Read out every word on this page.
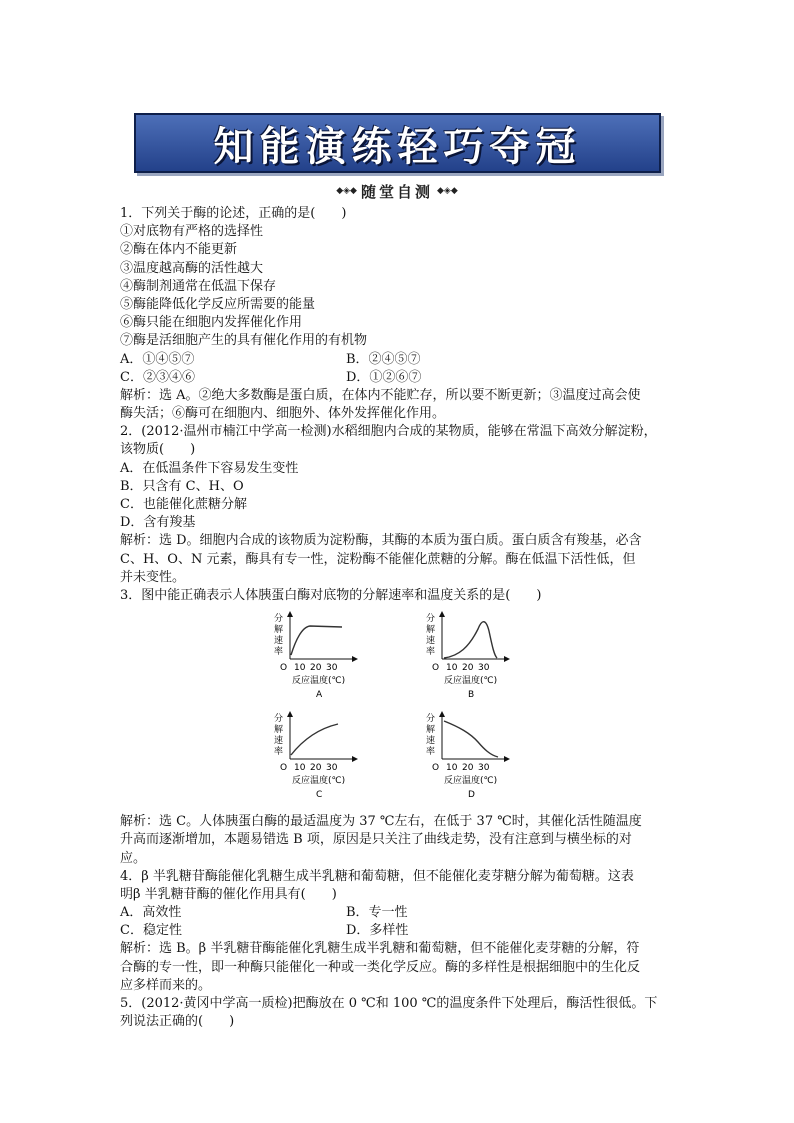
知能演练轻巧夺冠
◆◈◆ 随堂自测 ◆◈◆
1．下列关于酶的论述，正确的是(　　)
①对底物有严格的选择性
②酶在体内不能更新
③温度越高酶的活性越大
④酶制剂通常在低温下保存
⑤酶能降低化学反应所需要的能量
⑥酶只能在细胞内发挥催化作用
⑦酶是活细胞产生的具有催化作用的有机物
A．①④⑤⑦	B．②④⑤⑦
C．②③④⑥	D．①②⑥⑦
解析：选 A。②绝大多数酶是蛋白质，在体内不能贮存，所以要不断更新；③温度过高会使
酶失活；⑥酶可在细胞内、细胞外、体外发挥催化作用。
2．(2012·温州市楠江中学高一检测)水稻细胞内合成的某物质，能够在常温下高效分解淀粉，
该物质(　　)
A．在低温条件下容易发生变性
B．只含有 C、H、O
C．也能催化蔗糖分解
D．含有羧基
解析：选 D。细胞内合成的该物质为淀粉酶，其酶的本质为蛋白质。蛋白质含有羧基，必含
C、H、O、N 元素，酶具有专一性，淀粉酶不能催化蔗糖的分解。酶在低温下活性低，但
并未变性。
3．图中能正确表示人体胰蛋白酶对底物的分解速率和温度关系的是(　　)
分
解
速
率
O 10 20 30
反应温度(℃)
A
分
解
速
率
O 10 20 30
反应温度(℃)
B
分
解
速
率
O 10 20 30
反应温度(℃)
C
分
解
速
率
O 10 20 30
反应温度(℃)
D
解析：选 C。人体胰蛋白酶的最适温度为 37 ℃左右，在低于 37 ℃时，其催化活性随温度
升高而逐渐增加，本题易错选 B 项，原因是只关注了曲线走势，没有注意到与横坐标的对
应。
4．β 半乳糖苷酶能催化乳糖生成半乳糖和葡萄糖，但不能催化麦芽糖分解为葡萄糖。这表
明β 半乳糖苷酶的催化作用具有(　　)
A．高效性	B．专一性
C．稳定性	D．多样性
解析：选 B。β 半乳糖苷酶能催化乳糖生成半乳糖和葡萄糖，但不能催化麦芽糖的分解，符
合酶的专一性，即一种酶只能催化一种或一类化学反应。酶的多样性是根据细胞中的生化反
应多样而来的。
5．(2012·黄冈中学高一质检)把酶放在 0 ℃和 100 ℃的温度条件下处理后，酶活性很低。下
列说法正确的(　　)
